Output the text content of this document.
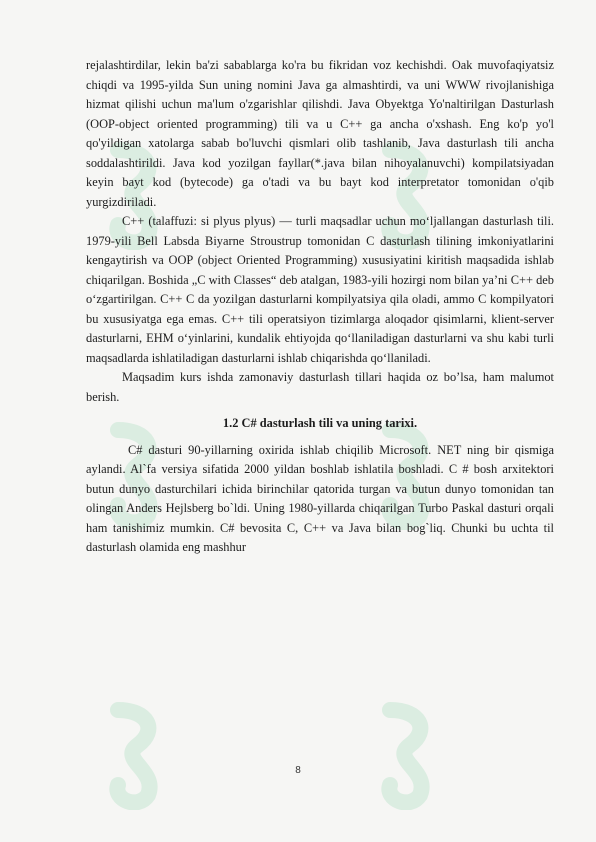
rejalashtirdilar, lekin ba'zi sabablarga ko'ra bu fikridan voz kechishdi. Oak muvofaqiyatsiz chiqdi va 1995-yilda Sun uning nomini Java ga almashtirdi, va uni WWW rivojlanishiga hizmat qilishi uchun ma'lum o'zgarishlar qilishdi. Java Obyektga Yo'naltirilgan Dasturlash (OOP-object oriented programming) tili va u C++ ga ancha o'xshash. Eng ko'p yo'l qo'yildigan xatolarga sabab bo'luvchi qismlari olib tashlanib, Java dasturlash tili ancha soddalashtirildi. Java kod yozilgan fayllar(*.java bilan nihoyalanuvchi) kompilatsiyadan keyin bayt kod (bytecode) ga o'tadi va bu bayt kod interpretator tomonidan o'qib yurgizdiriladi.

C++ (talaffuzi: si plyus plyus) — turli maqsadlar uchun mo‘ljallangan dasturlash tili. 1979-yili Bell Labsda Biyarne Stroustrup tomonidan C dasturlash tilining imkoniyatlarini kengaytirish va OOP (object Oriented Programming) xususiyatini kiritish maqsadida ishlab chiqarilgan. Boshida „C with Classes“ deb atalgan, 1983-yili hozirgi nom bilan ya’ni C++ deb o‘zgartirilgan. C++ C da yozilgan dasturlarni kompilyatsiya qila oladi, ammo C kompilyatori bu xususiyatga ega emas. C++ tili operatsiyon tizimlarga aloqador qisimlarni, klient-server dasturlarni, EHM o‘yinlarini, kundalik ehtiyojda qo‘llaniladigan dasturlarni va shu kabi turli maqsadlarda ishlatiladigan dasturlarni ishlab chiqarishda qo‘llaniladi.

Maqsadim kurs ishda zamonaviy dasturlash tillari haqida oz bo’lsa, ham malumot berish.

1.2 C# dasturlash tili va uning tarixi.

C# dasturi 90-yillarning oxirida ishlab chiqilib Microsoft. NET ning bir qismiga aylandi. Al`fa versiya sifatida 2000 yildan boshlab ishlatila boshladi. C # bosh arxitektori butun dunyo dasturchilari ichida birinchilar qatorida turgan va butun dunyo tomonidan tan olingan Anders Hejlsberg bo`ldi. Uning 1980-yillarda chiqarilgan Turbo Paskal dasturi orqali ham tanishimiz mumkin. C# bevosita C, C++ va Java bilan bog`liq. Chunki bu uchta til dasturlash olamida eng mashhur

8
